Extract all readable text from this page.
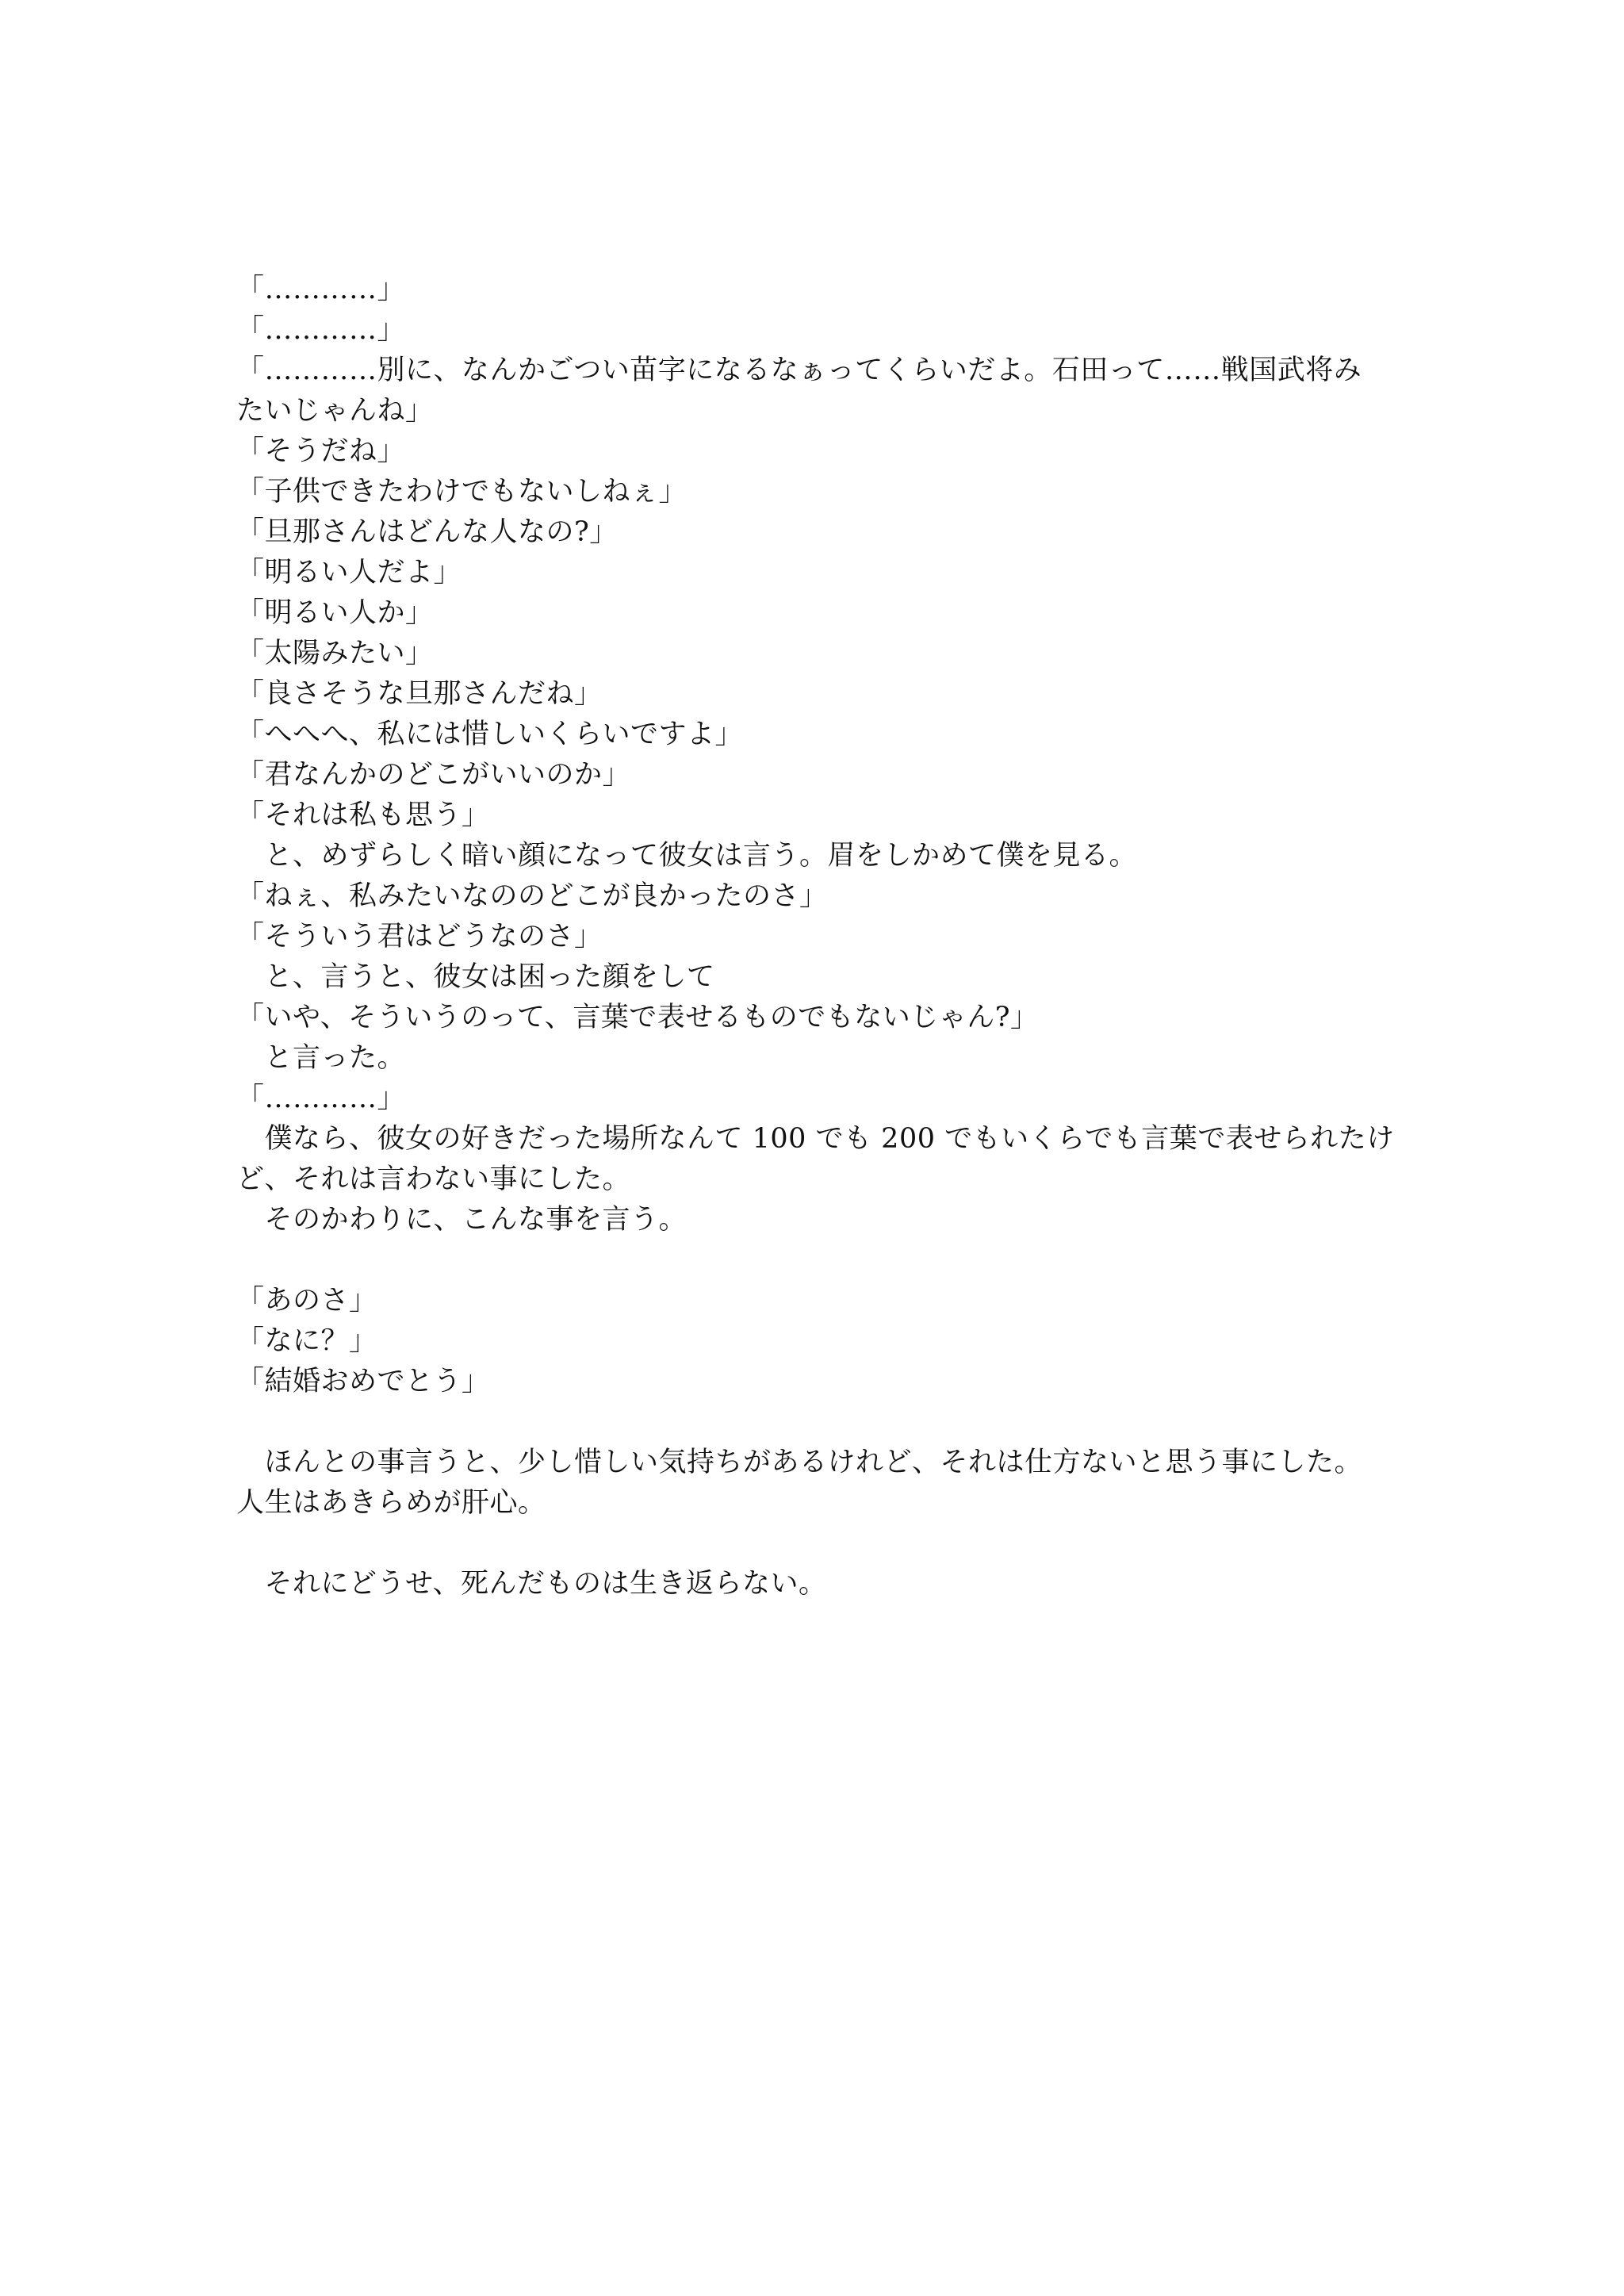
「…………」
「…………」
「…………別に、なんかごつい苗字になるなぁってくらいだよ。石田って……戦国武将み
たいじゃんね」
「そうだね」
「子供できたわけでもないしねぇ」
「旦那さんはどんな人なの?」
「明るい人だよ」
「明るい人か」
「太陽みたい」
「良さそうな旦那さんだね」
「へへへ、私には惜しいくらいですよ」
「君なんかのどこがいいのか」
「それは私も思う」
　と、めずらしく暗い顔になって彼女は言う。眉をしかめて僕を見る。
「ねぇ、私みたいなののどこが良かったのさ」
「そういう君はどうなのさ」
　と、言うと、彼女は困った顔をして
「いや、そういうのって、言葉で表せるものでもないじゃん?」
　と言った。
「…………」
　僕なら、彼女の好きだった場所なんて 100 でも 200 でもいくらでも言葉で表せられたけ
ど、それは言わない事にした。
　そのかわりに、こんな事を言う。
「あのさ」
「なに？」
「結婚おめでとう」
　ほんとの事言うと、少し惜しい気持ちがあるけれど、それは仕方ないと思う事にした。
人生はあきらめが肝心。
　それにどうせ、死んだものは生き返らない。
